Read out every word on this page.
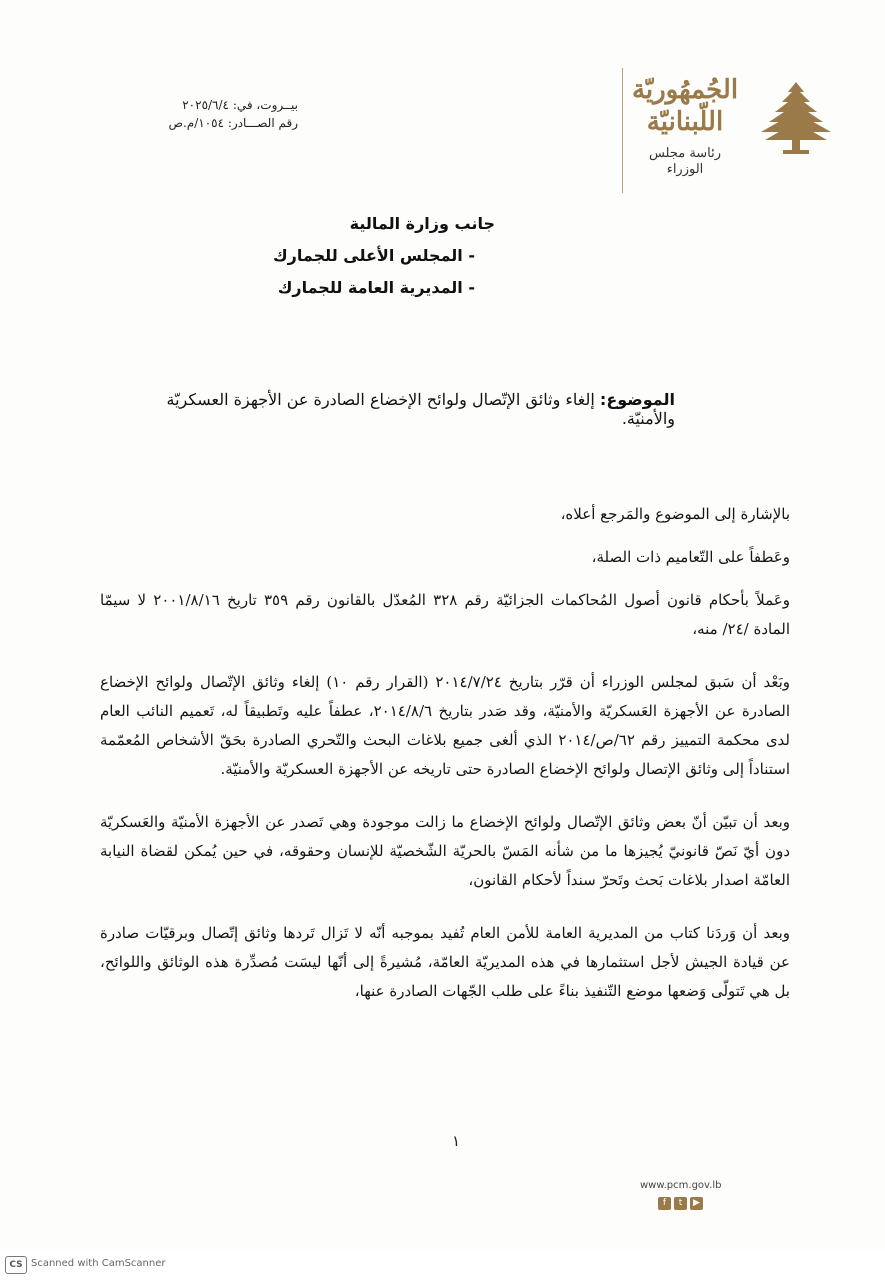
الجُمهُوريّة
اللّبنانيّة
رئاسة مجلس الوزراء
بيــروت، في: ٢٠٢٥/٦/٤
رقم الصـــادر: ١٠٥٤/م.ص
جانب وزارة المالية
- المجلس الأعلى للجمارك
- المديرية العامة للجمارك
الموضوع: إلغاء وثائق الإتّصال ولوائح الإخضاع الصادرة عن الأجهزة العسكريّة والأمنيّة.

بالإشارة إلى الموضوع والمَرجع أعلاه،

وعَطفاً على التّعاميم ذات الصلة،

وعَملاً بأحكام قانون أصول المُحاكمات الجزائيّة رقم ٣٢٨ المُعدّل بالقانون رقم ٣٥٩ تاريخ ٢٠٠١/٨/١٦ لا سيمّا المادة /٢٤/ منه،

وبَعْد أن سَبق لمجلس الوزراء أن قرّر بتاريخ ٢٠١٤/٧/٢٤ (القرار رقم ١٠) إلغاء وثائق الإتّصال ولوائح الإخضاع الصادرة عن الأجهزة العَسكريّة والأمنيّة، وقد صَدر بتاريخ ٢٠١٤/٨/٦، عطفاً عليه وتَطبيقاً له، تَعميم النائب العام لدى محكمة التمييز رقم ٦٢/ص/٢٠١٤ الذي ألغى جميع بلاغات البحث والتّحري الصادرة بحَقّ الأشخاص المُعمّمة استناداً إلى وثائق الإتصال ولوائح الإخضاع الصادرة حتى تاريخه عن الأجهزة العسكريّة والأمنيّة.

وبعد أن تبيّن أنّ بعض وثائق الإتّصال ولوائح الإخضاع ما زالت موجودة وهي تَصدر عن الأجهزة الأمنيّة والعَسكريّة دون أيّ نَصّ قانونيّ يُجيزها ما من شأنه المَسّ بالحريّة الشّخصيّة للإنسان وحقوقه، في حين يُمكن لقضاة النيابة العامّة اصدار بلاغات بَحث وتَحرّ سنداً لأحكام القانون،

وبعد أن وَردَنا كتاب من المديرية العامة للأمن العام تُفيد بموجبه أنّه لا تَزال تَردها وثائق إتّصال وبرقيّات صادرة عن قيادة الجيش لأجل استثمارها في هذه المديريّة العامّة، مُشيرةً إلى أنّها ليسَت مُصدِّرة هذه الوثائق واللوائح، بل هي تَتولّى وَضعها موضع التّنفيذ بناءً على طلب الجّهات الصادرة عنها،

١
www.pcm.gov.lb
f	t	▶
CS Scanned with CamScanner
